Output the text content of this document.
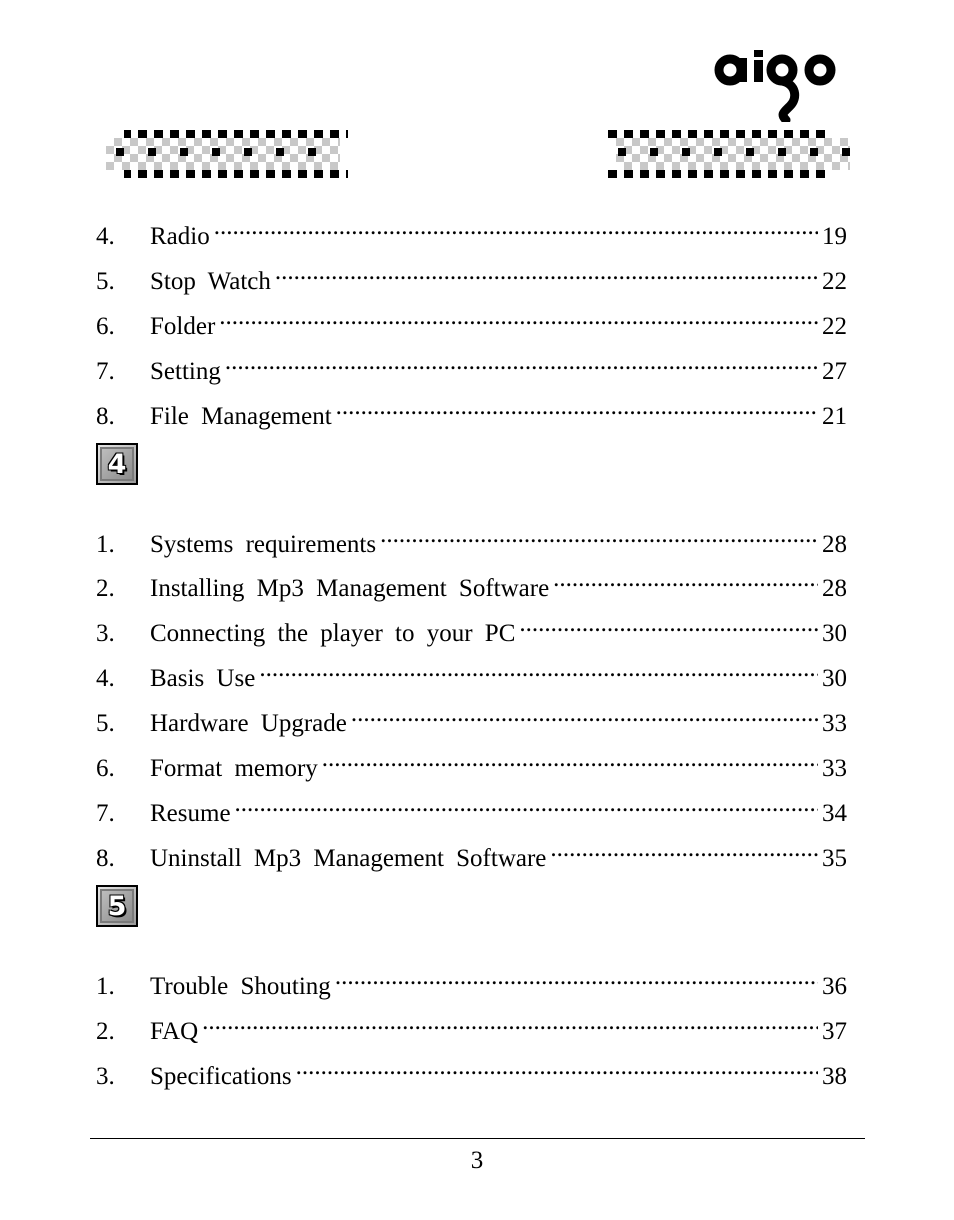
4.	Radio .....	19
5.	Stop Watch .....	22
6.	Folder .....	22
7.	Setting .....	27
8.	File Management .....	21
4
1.	Systems requirements .....	28
2.	Installing Mp3 Management Software .....	28
3.	Connecting the player to your PC .....	30
4.	Basis Use .....	30
5.	Hardware Upgrade .....	33
6.	Format memory .....	33
7.	Resume .....	34
8.	Uninstall Mp3 Management Software .....	35
5
1.	Trouble Shouting .....	36
2.	FAQ .....	37
3.	Specifications .....	38
3
